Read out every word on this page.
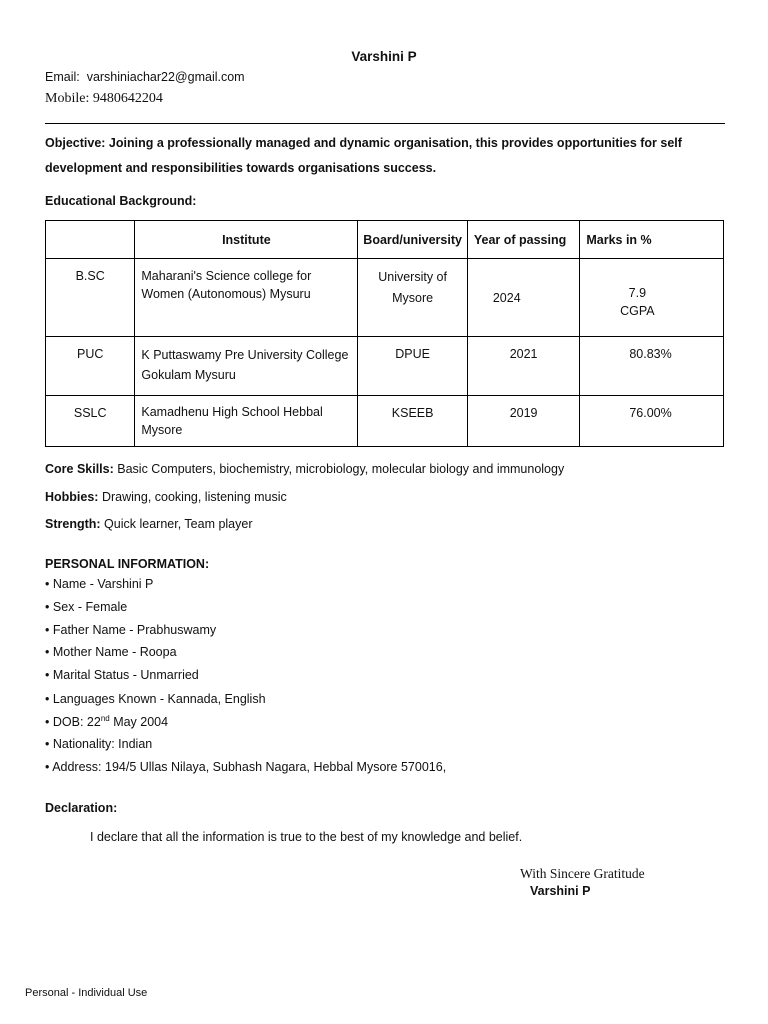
Varshini P
Email: varshiniachar22@gmail.com
Mobile: 9480642204
Objective: Joining a professionally managed and dynamic organisation, this provides opportunities for self development and responsibilities towards organisations success.
Educational Background:
	Institute	Board/university	Year of passing	Marks in %

B.SC	Maharani's Science college for Women (Autonomous) Mysuru	University of Mysore	2024	7.9 CGPA

PUC	K Puttaswamy Pre University College Gokulam Mysuru	DPUE	2021	80.83%

SSLC	Kamadhenu High School Hebbal Mysore	KSEEB	2019	76.00%
Core Skills: Basic Computers, biochemistry, microbiology, molecular biology and immunology
Hobbies: Drawing, cooking, listening music
Strength: Quick learner, Team player
PERSONAL INFORMATION:
• Name - Varshini P
• Sex - Female
• Father Name - Prabhuswamy
• Mother Name - Roopa
• Marital Status - Unmarried
• Languages Known - Kannada, English
• DOB: 22nd May 2004
• Nationality: Indian
• Address: 194/5 Ullas Nilaya, Subhash Nagara, Hebbal Mysore 570016,
Declaration:
I declare that all the information is true to the best of my knowledge and belief.
With Sincere Gratitude
Varshini P
Personal - Individual Use
